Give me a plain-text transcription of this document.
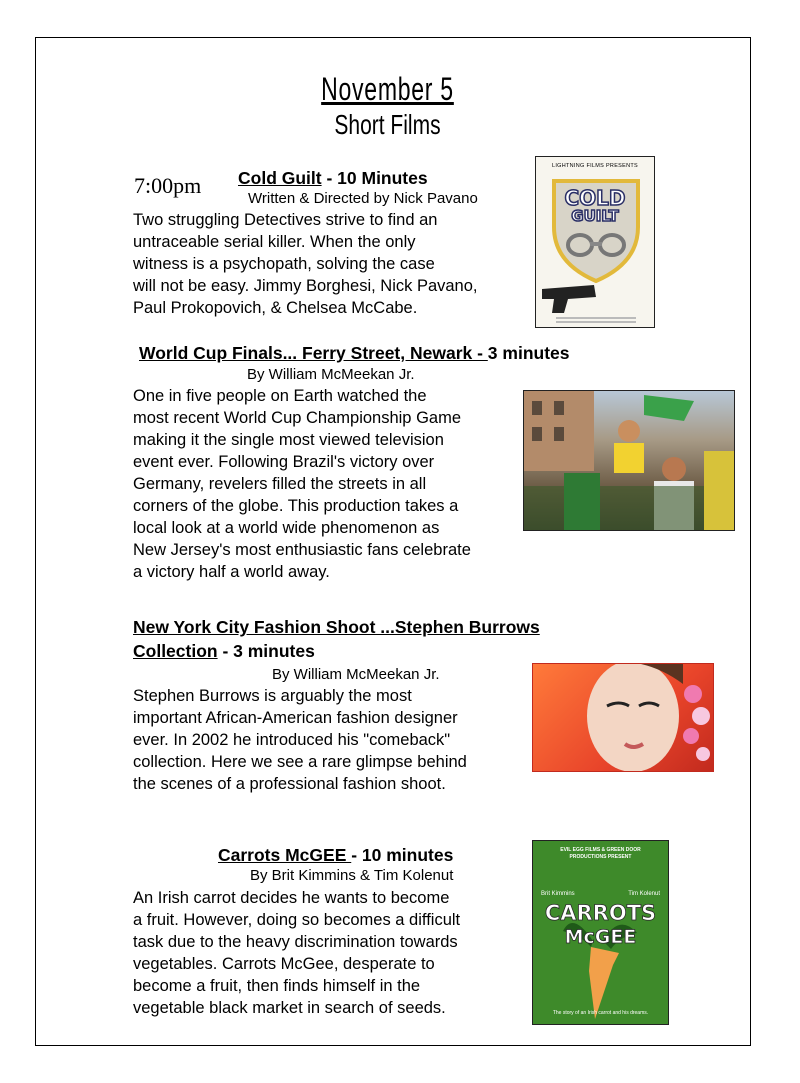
November 5
Short Films
7:00pm Cold Guilt - 10 Minutes
Written & Directed by Nick Pavano
Two struggling Detectives strive to find an
untraceable serial killer. When the only
witness is a psychopath, solving the case
will not be easy. Jimmy Borghesi, Nick Pavano,
Paul Prokopovich, & Chelsea McCabe.
LIGHTNING FILMS PRESENTS
COLD
GUILT
World Cup Finals... Ferry Street, Newark - 3 minutes
By William McMeekan Jr.
One in five people on Earth watched the
most recent World Cup Championship Game
making it the single most viewed television
event ever. Following Brazil's victory over
Germany, revelers filled the streets in all
corners of the globe. This production takes a
local look at a world wide phenomenon as
New Jersey's most enthusiastic fans celebrate
a victory half a world away.
New York City Fashion Shoot ...Stephen Burrows
Collection - 3 minutes
By William McMeekan Jr.
Stephen Burrows is arguably the most
important African-American fashion designer
ever. In 2002 he introduced his "comeback"
collection. Here we see a rare glimpse behind
the scenes of a professional fashion shoot.
Carrots McGEE - 10 minutes
By Brit Kimmins & Tim Kolenut
An Irish carrot decides he wants to become
a fruit. However, doing so becomes a difficult
task due to the heavy discrimination towards
vegetables. Carrots McGee, desperate to
become a fruit, then finds himself in the
vegetable black market in search of seeds.
EVIL EGG FILMS & GREEN DOOR PRODUCTIONS PRESENT
Brit Kimmins	Tim Kolenut
CARROTS
McGEE
The story of an Irish carrot and his dreams.
